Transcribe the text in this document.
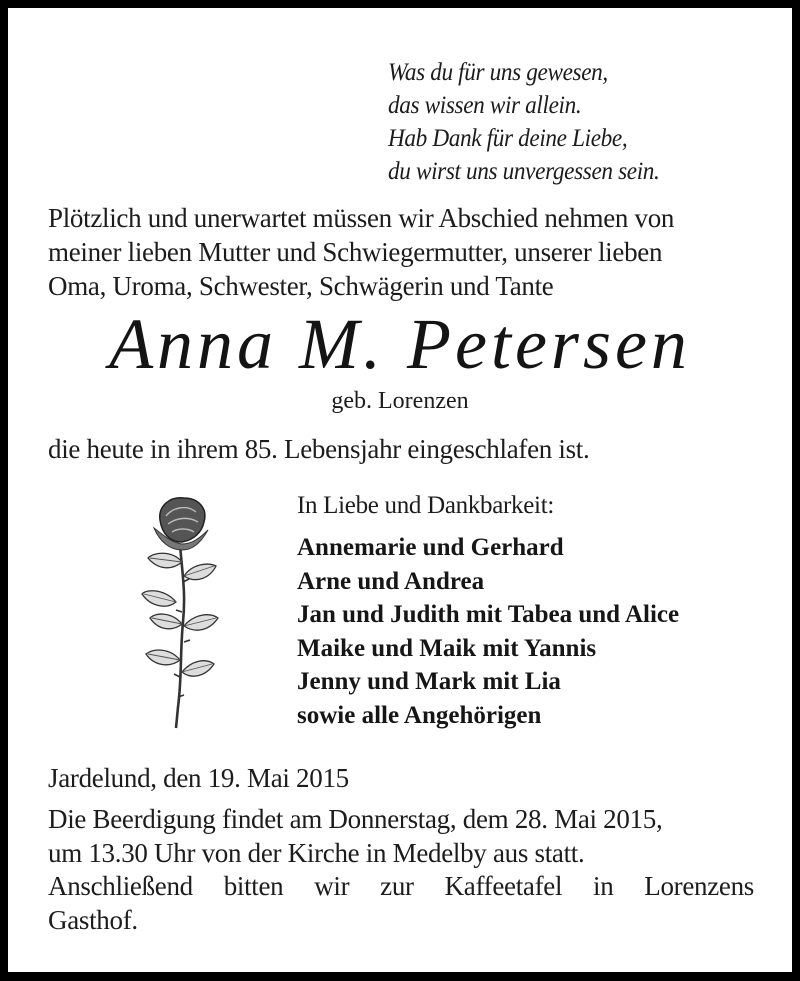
Was du für uns gewesen,
das wissen wir allein.
Hab Dank für deine Liebe,
du wirst uns unvergessen sein.
Plötzlich und unerwartet müssen wir Abschied nehmen von
meiner lieben Mutter und Schwiegermutter, unserer lieben
Oma, Uroma, Schwester, Schwägerin und Tante
Anna M. Petersen
geb. Lorenzen
die heute in ihrem 85. Lebensjahr eingeschlafen ist.
In Liebe und Dankbarkeit:
Annemarie und Gerhard
Arne und Andrea
Jan und Judith mit Tabea und Alice
Maike und Maik mit Yannis
Jenny und Mark mit Lia
sowie alle Angehörigen
Jardelund, den 19. Mai 2015
Die Beerdigung findet am Donnerstag, dem 28. Mai 2015,
um 13.30 Uhr von der Kirche in Medelby aus statt.
Anschließend bitten wir zur Kaffeetafel in Lorenzens
Gasthof.
